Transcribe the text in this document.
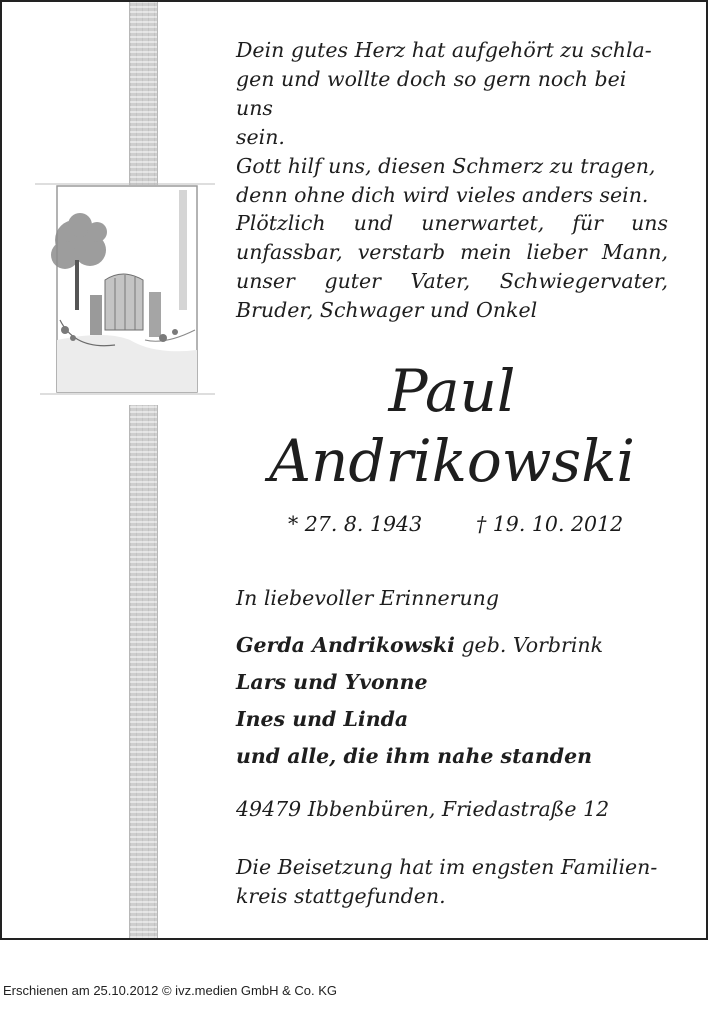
Dein gutes Herz hat aufgehört zu schla-
gen und wollte doch so gern noch bei uns
sein.
Gott hilf uns, diesen Schmerz zu tragen,
denn ohne dich wird vieles anders sein.
Plötzlich und unerwartet, für uns
unfassbar, verstarb mein lieber Mann,
unser guter Vater, Schwiegervater,
Bruder, Schwager und Onkel
Paul
Andrikowski
* 27. 8. 1943	† 19. 10. 2012
In liebevoller Erinnerung
Gerda Andrikowski geb. Vorbrink
Lars und Yvonne
Ines und Linda
und alle, die ihm nahe standen
49479 Ibbenbüren, Friedastraße 12
Die Beisetzung hat im engsten Familien-
kreis stattgefunden.
Erschienen am 25.10.2012 © ivz.medien GmbH & Co. KG
